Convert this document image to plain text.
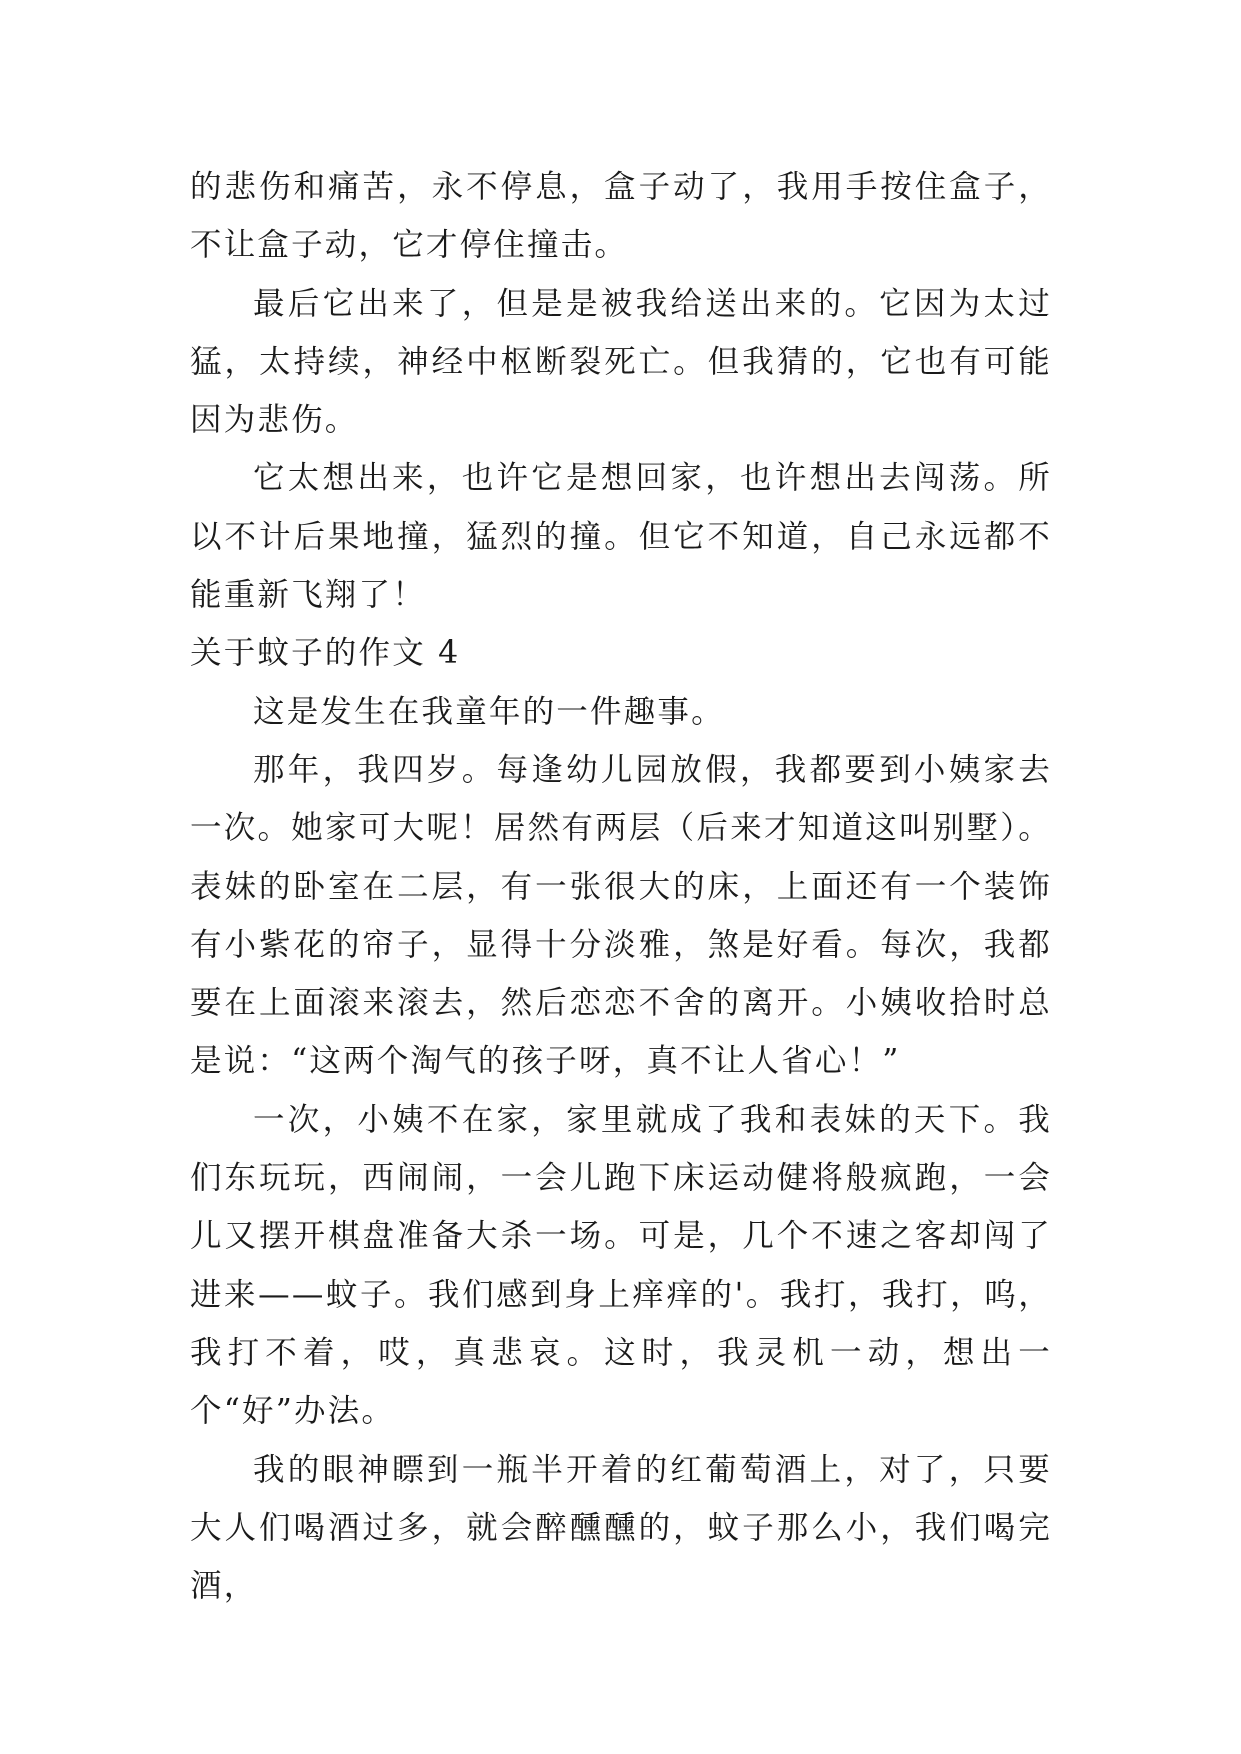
的悲伤和痛苦，永不停息，盒子动了，我用手按住盒子，不让盒子动，它才停住撞击。

最后它出来了，但是是被我给送出来的。它因为太过猛，太持续，神经中枢断裂死亡。但我猜的，它也有可能因为悲伤。

它太想出来，也许它是想回家，也许想出去闯荡。所以不计后果地撞，猛烈的撞。但它不知道，自己永远都不能重新飞翔了！

关于蚊子的作文 4

这是发生在我童年的一件趣事。

那年，我四岁。每逢幼儿园放假，我都要到小姨家去一次。她家可大呢！居然有两层（后来才知道这叫别墅）。表妹的卧室在二层，有一张很大的床，上面还有一个装饰有小紫花的帘子，显得十分淡雅，煞是好看。每次，我都要在上面滚来滚去，然后恋恋不舍的离开。小姨收拾时总是说：“这两个淘气的孩子呀，真不让人省心！”

一次，小姨不在家，家里就成了我和表妹的天下。我们东玩玩，西闹闹，一会儿跑下床运动健将般疯跑，一会儿又摆开棋盘准备大杀一场。可是，几个不速之客却闯了进来——蚊子。我们感到身上痒痒的'。我打，我打，呜，我打不着，哎，真悲哀。这时，我灵机一动，想出一个“好”办法。

我的眼神瞟到一瓶半开着的红葡萄酒上，对了，只要大人们喝酒过多，就会醉醺醺的，蚊子那么小，我们喝完酒，
